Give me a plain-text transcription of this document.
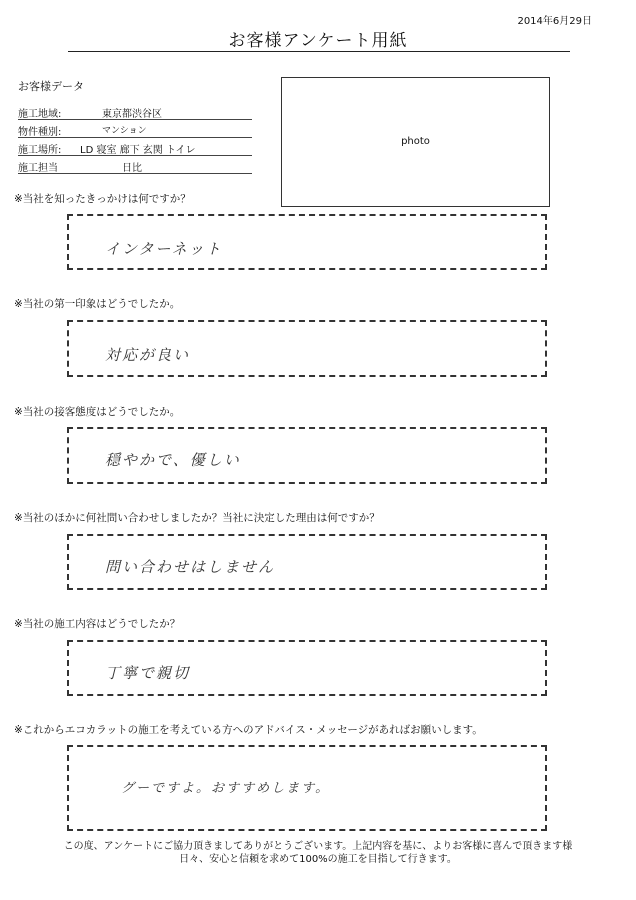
2014年6月29日
お客様アンケート用紙
お客様データ
施工地域:	東京都渋谷区
物件種別:	マンション
施工場所: LD 寝室 廊下 玄関 トイレ
施工担当	日比
photo
※当社を知ったきっかけは何ですか？
インターネット
※当社の第一印象はどうでしたか。
対応が良い
※当社の接客態度はどうでしたか。
穏やかで、優しい
※当社のほかに何社問い合わせしましたか？当社に決定した理由は何ですか？
問い合わせはしません
※当社の施工内容はどうでしたか？
丁寧で親切
※これからエコカラットの施工を考えている方へのアドバイス・メッセージがあればお願いします。
グーですよ。おすすめします。
この度、アンケートにご協力頂きましてありがとうございます。上記内容を基に、よりお客様に喜んで頂きます様
日々、安心と信頼を求めて100%の施工を目指して行きます。
